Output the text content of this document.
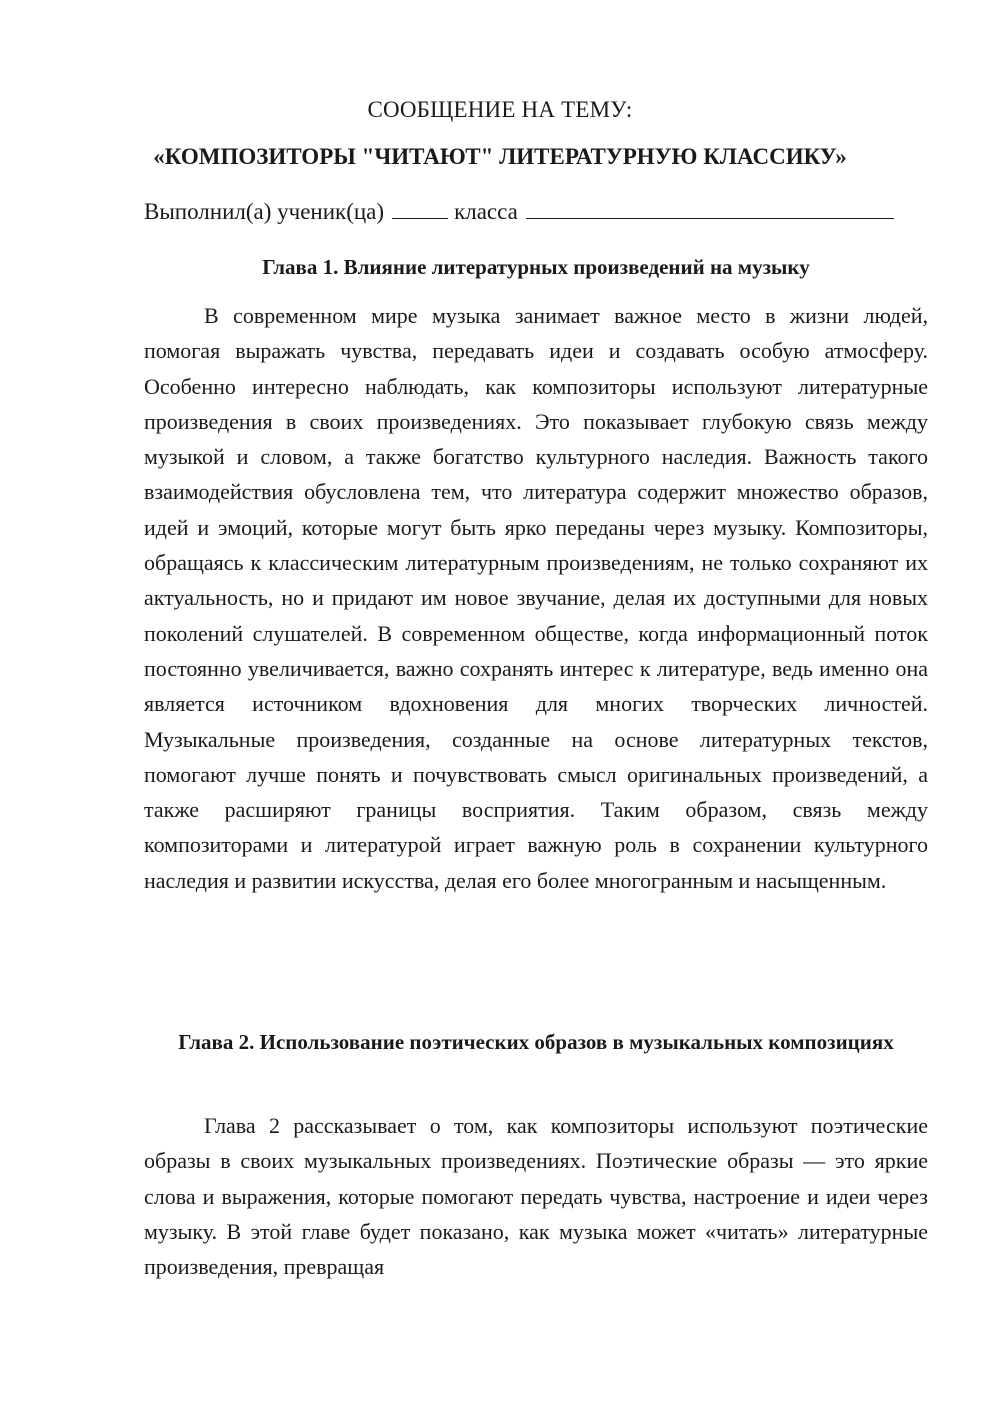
СООБЩЕНИЕ НА ТЕМУ:
«КОМПОЗИТОРЫ "ЧИТАЮТ" ЛИТЕРАТУРНУЮ КЛАССИКУ»
Выполнил(а) ученик(ца)	класса
Глава 1. Влияние литературных произведений на музыку

В современном мире музыка занимает важное место в жизни людей, помогая выражать чувства, передавать идеи и создавать особую атмосферу. Особенно интересно наблюдать, как композиторы используют литературные произведения в своих произведениях. Это показывает глубокую связь между музыкой и словом, а также богатство культурного наследия. Важность такого взаимодействия обусловлена тем, что литература содержит множество образов, идей и эмоций, которые могут быть ярко переданы через музыку. Композиторы, обращаясь к классическим литературным произведениям, не только сохраняют их актуальность, но и придают им новое звучание, делая их доступными для новых поколений слушателей. В современном обществе, когда информационный поток постоянно увеличивается, важно сохранять интерес к литературе, ведь именно она является источником вдохновения для многих творческих личностей. Музыкальные произведения, созданные на основе литературных текстов, помогают лучше понять и почувствовать смысл оригинальных произведений, а также расширяют границы восприятия. Таким образом, связь между композиторами и литературой играет важную роль в сохранении культурного наследия и развитии искусства, делая его более многогранным и насыщенным.

Глава 2. Использование поэтических образов в музыкальных композициях

Глава 2 рассказывает о том, как композиторы используют поэтические образы в своих музыкальных произведениях. Поэтические образы — это яркие слова и выражения, которые помогают передать чувства, настроение и идеи через музыку. В этой главе будет показано, как музыка может «читать» литературные произведения, превращая
